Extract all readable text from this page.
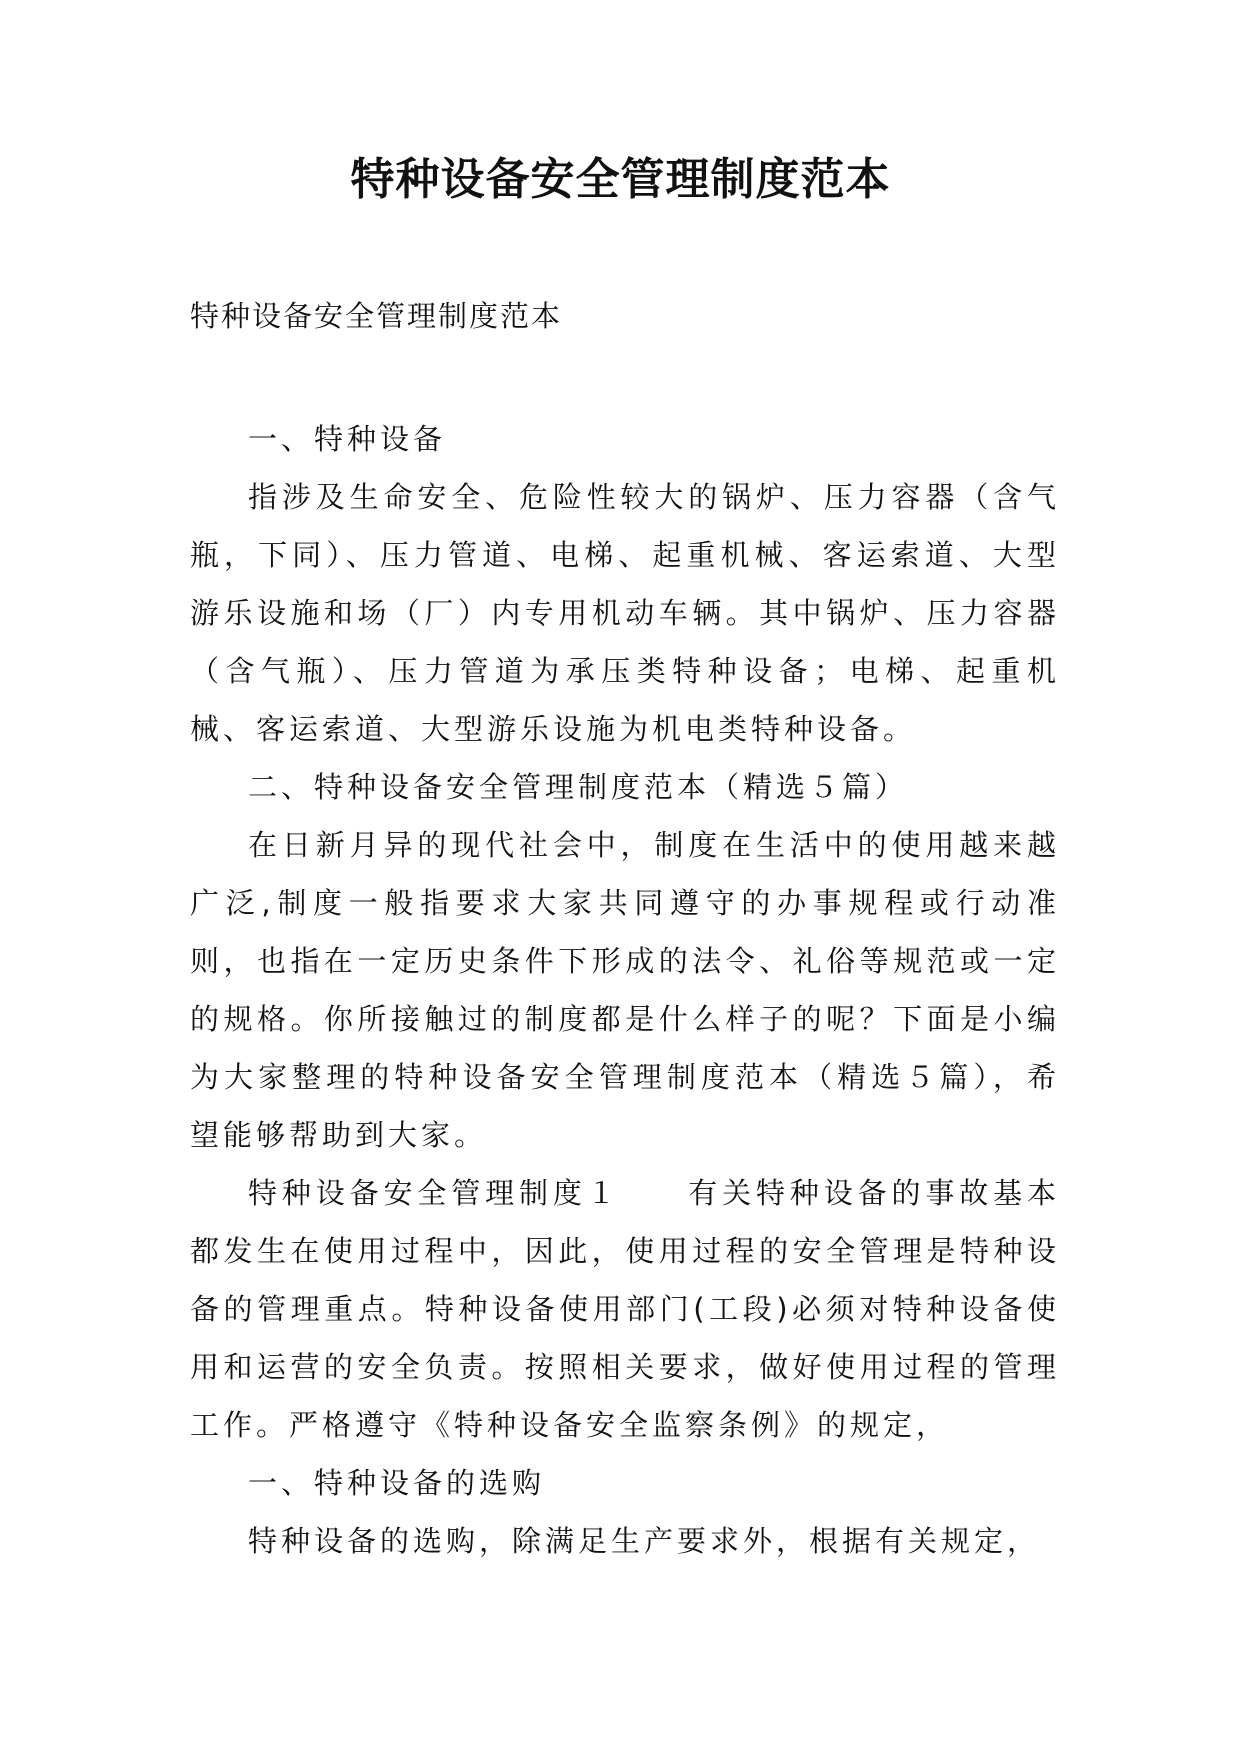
特种设备安全管理制度范本
特种设备安全管理制度范本

一、特种设备

指涉及生命安全、危险性较大的锅炉、压力容器（含气瓶，下同）、压力管道、电梯、起重机械、客运索道、大型游乐设施和场（厂）内专用机动车辆。其中锅炉、压力容器（含气瓶）、压力管道为承压类特种设备；电梯、起重机械、客运索道、大型游乐设施为机电类特种设备。

二、特种设备安全管理制度范本（精选５篇）

在日新月异的现代社会中，制度在生活中的使用越来越广泛,制度一般指要求大家共同遵守的办事规程或行动准则，也指在一定历史条件下形成的法令、礼俗等规范或一定的规格。你所接触过的制度都是什么样子的呢？下面是小编为大家整理的特种设备安全管理制度范本（精选５篇），希望能够帮助到大家。

特种设备安全管理制度１　　有关特种设备的事故基本都发生在使用过程中，因此，使用过程的安全管理是特种设备的管理重点。特种设备使用部门(工段)必须对特种设备使用和运营的安全负责。按照相关要求，做好使用过程的管理工作。严格遵守《特种设备安全监察条例》的规定，

一、特种设备的选购

特种设备的选购，除满足生产要求外，根据有关规定，
